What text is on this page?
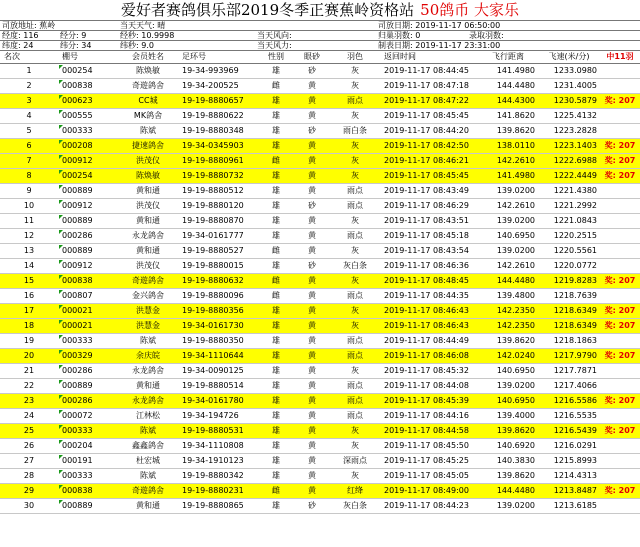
爱好者赛鸽俱乐部2019冬季正赛蕉岭资格站 50鸽币 大家乐
司放地址: 蕉岭	当天天气: 晴	司放日期: 2019-11-17 06:50:00
经度: 116	经分: 9	经秒: 10.9998	当天风向:	归巢羽数: 0	录取羽数:
纬度: 24	纬分: 34	纬秒: 9.0	当天风力:	制表日期: 2019-11-17 23:31:00
名次	棚号	会员姓名	足环号	性别	眼砂	羽色	返回时间	飞行距离	飞速(米/分)	中11羽
1	000254	陈焕敏	19-34-993969	雄	砂	灰	2019-11-17 08:44:45	141.4980	1233.0980	
2	000838	奇遊鸽舍	19-34-200525	雌	黄	灰	2019-11-17 08:47:18	144.4480	1231.4005	
3	000623	CC城	19-19-8880657	雄	黄	雨点	2019-11-17 08:47:22	144.4300	1230.5879	奖: 207
4	000555	MK鸽舍	19-19-8880622	雄	黄	灰	2019-11-17 08:45:45	141.8620	1225.4132	
5	000333	陈斌	19-19-8880348	雄	砂	雨白条	2019-11-17 08:44:20	139.8620	1223.2828	
6	000208	捷速鸽舍	19-34-0345903	雄	黄	灰	2019-11-17 08:42:50	138.0110	1223.1403	奖: 207
7	000912	洪茂仪	19-19-8880961	雌	黄	灰	2019-11-17 08:46:21	142.2610	1222.6988	奖: 207
8	000254	陈焕敏	19-19-8880732	雄	黄	灰	2019-11-17 08:45:45	141.4980	1222.4449	奖: 207
9	000889	黄和通	19-19-8880512	雄	黄	雨点	2019-11-17 08:43:49	139.0200	1221.4380	
10	000912	洪茂仪	19-19-8880120	雄	砂	雨点	2019-11-17 08:46:29	142.2610	1221.2992	
11	000889	黄和通	19-19-8880870	雄	黄	灰	2019-11-17 08:43:51	139.0200	1221.0843	
12	000286	永龙鸽舍	19-34-0161777	雄	黄	雨点	2019-11-17 08:45:18	140.6950	1220.2515	
13	000889	黄和通	19-19-8880527	雌	黄	灰	2019-11-17 08:43:54	139.0200	1220.5561	
14	000912	洪茂仪	19-19-8880015	雄	砂	灰白条	2019-11-17 08:46:36	142.2610	1220.0772	
15	000838	奇遊鸽舍	19-19-8880632	雌	黄	灰	2019-11-17 08:48:45	144.4480	1219.8283	奖: 207
16	000807	金兴鸽舍	19-19-8880096	雌	黄	雨点	2019-11-17 08:44:35	139.4800	1218.7639	
17	000021	洪慧金	19-19-8880356	雄	黄	灰	2019-11-17 08:46:43	142.2350	1218.6349	奖: 207
18	000021	洪慧金	19-34-0161730	雄	黄	灰	2019-11-17 08:46:43	142.2350	1218.6349	奖: 207
19	000333	陈斌	19-19-8880350	雄	黄	雨点	2019-11-17 08:44:49	139.8620	1218.1863	
20	000329	余庆皖	19-34-1110644	雄	黄	雨点	2019-11-17 08:46:08	142.0240	1217.9790	奖: 207
21	000286	永龙鸽舍	19-34-0090125	雄	黄	灰	2019-11-17 08:45:32	140.6950	1217.7871	
22	000889	黄和通	19-19-8880514	雄	黄	雨点	2019-11-17 08:44:08	139.0200	1217.4066	
23	000286	永龙鸽舍	19-34-0161780	雄	黄	雨点	2019-11-17 08:45:39	140.6950	1216.5586	奖: 207
24	000072	江林松	19-34-194726	雄	黄	雨点	2019-11-17 08:44:16	139.4000	1216.5535	
25	000333	陈斌	19-19-8880531	雄	黄	灰	2019-11-17 08:44:58	139.8620	1216.5439	奖: 207
26	000204	鑫鑫鸽舍	19-34-1110808	雄	黄	灰	2019-11-17 08:45:50	140.6920	1216.0291	
27	000191	杜宏城	19-34-1910123	雄	黄	深雨点	2019-11-17 08:45:25	140.3830	1215.8993	
28	000333	陈斌	19-19-8880342	雄	黄	灰	2019-11-17 08:45:05	139.8620	1214.4313	
29	000838	奇遊鸽舍	19-19-8880231	雌	黄	红绛	2019-11-17 08:49:00	144.4480	1213.8487	奖: 207
30	000889	黄和通	19-19-8880865	雄	砂	灰白条	2019-11-17 08:44:23	139.0200	1213.6185	
